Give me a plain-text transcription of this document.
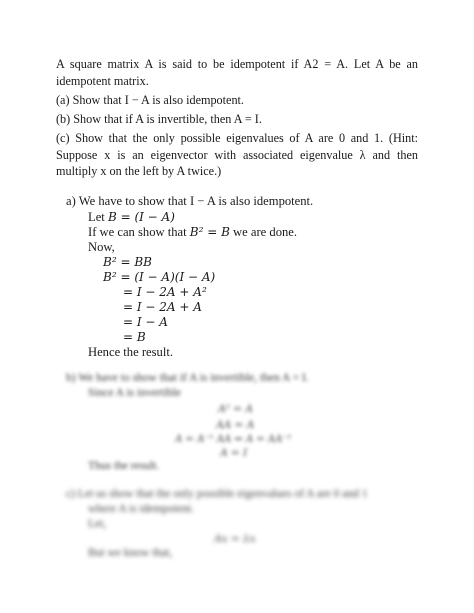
A square matrix A is said to be idempotent if A2 = A. Let A be an idempotent matrix.
(a) Show that I − A is also idempotent.
(b) Show that if A is invertible, then A = I.
(c) Show that the only possible eigenvalues of A are 0 and 1. (Hint: Suppose x is an eigenvector with associated eigenvalue λ and then multiply x on the left by A twice.)
a) We have to show that I − A is also idempotent.
Let B = (I − A)
If we can show that B² = B we are done.
Now,
B² = BB
B² = (I − A)(I − A)
= I − 2A + A²
= I − 2A + A
= I − A
= B
Hence the result.
b) We have to show that if A is invertible, then A = I.
Since A is invertible
A² = A
AA = A
A = A⁻¹ AA ⇒ A = AA⁻¹
A = I
Thus the result.
c) Let us show that the only possible eigenvalues of A are 0 and 1
where A is idempotent.
Let,
Ax = λx
But we know that,
